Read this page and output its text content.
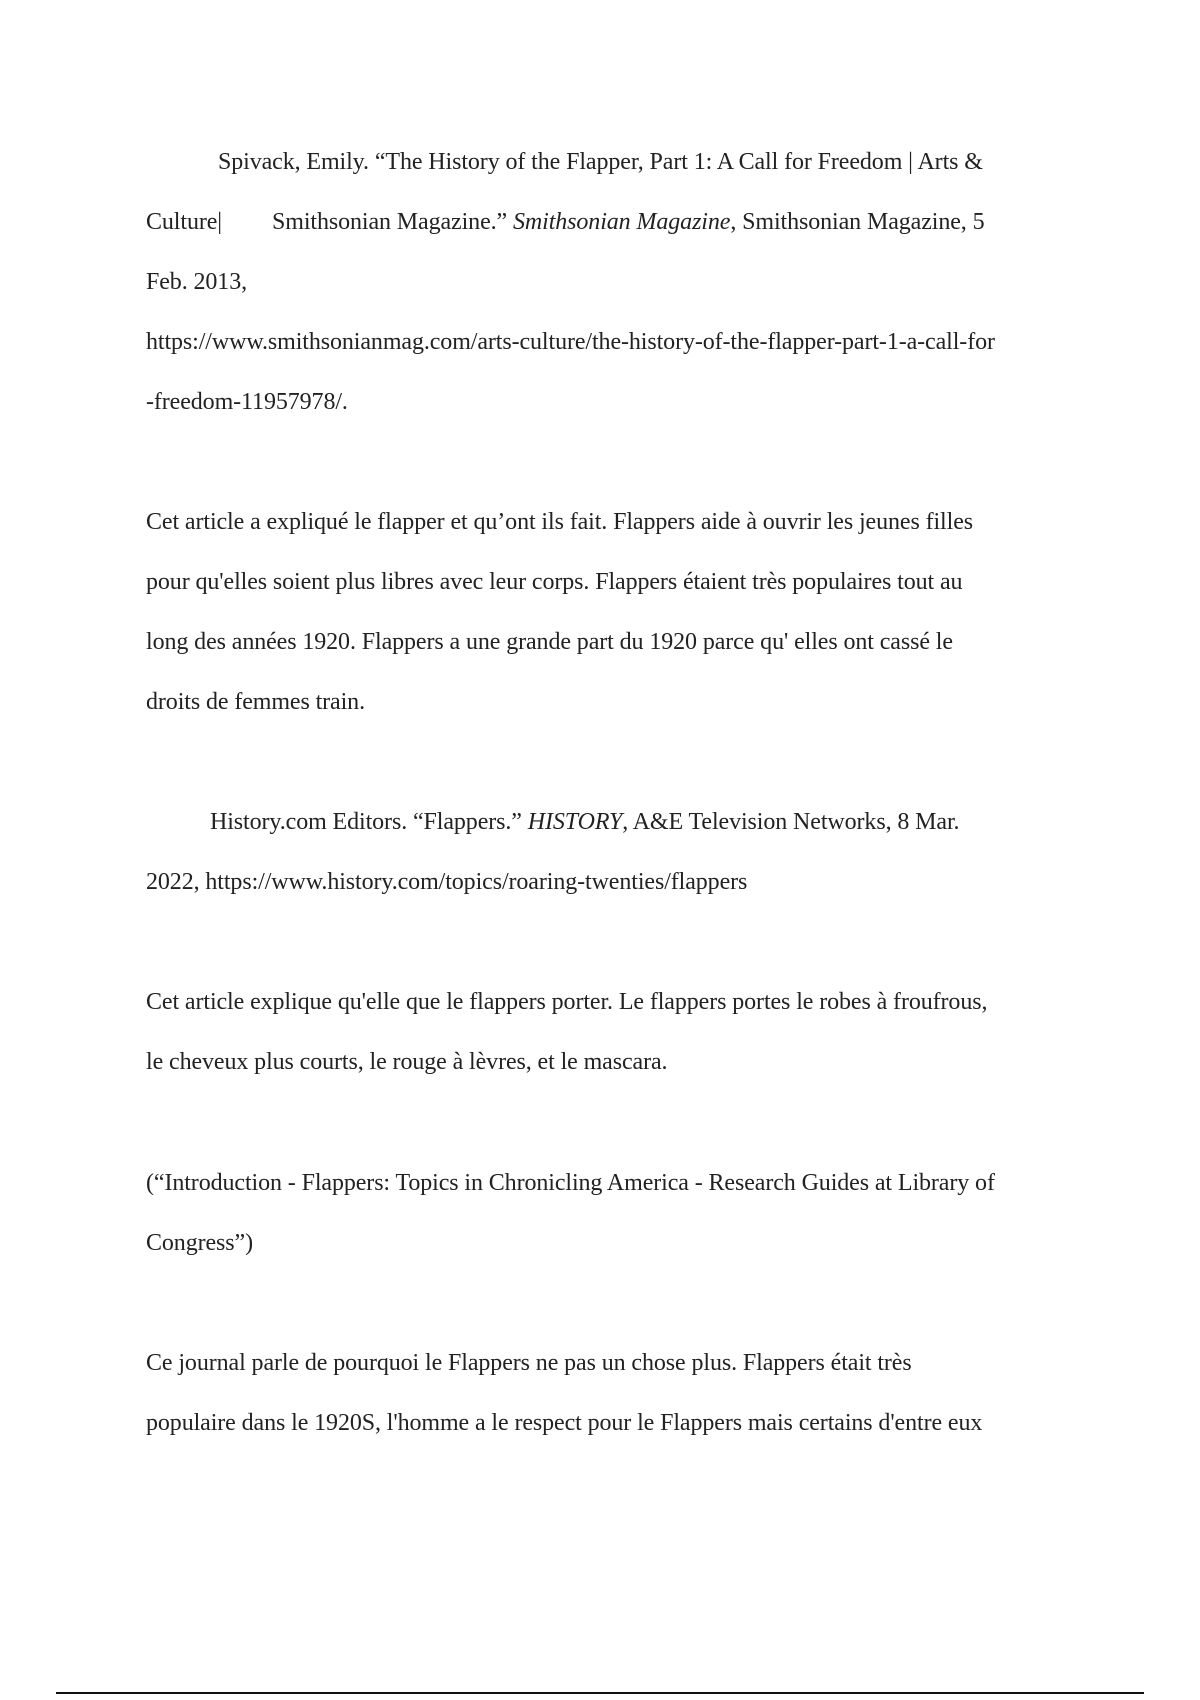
Spivack, Emily. “The History of the Flapper, Part 1: A Call for Freedom | Arts &
Culture| Smithsonian Magazine.” Smithsonian Magazine, Smithsonian Magazine, 5
Feb. 2013,
https://www.smithsonianmag.com/arts-culture/the-history-of-the-flapper-part-1-a-call-for
-freedom-11957978/.
Cet article a expliqué le flapper et qu’ont ils fait. Flappers aide à ouvrir les jeunes filles
pour qu'elles soient plus libres avec leur corps. Flappers étaient très populaires tout au
long des années 1920. Flappers a une grande part du 1920 parce qu' elles ont cassé le
droits de femmes train.
History.com Editors. “Flappers.” HISTORY, A&E Television Networks, 8 Mar.
2022, https://www.history.com/topics/roaring-twenties/flappers
Cet article explique qu'elle que le flappers porter. Le flappers portes le robes à froufrous,
le cheveux plus courts, le rouge à lèvres, et le mascara.
(“Introduction - Flappers: Topics in Chronicling America - Research Guides at Library of
Congress”)
Ce journal parle de pourquoi le Flappers ne pas un chose plus. Flappers était très
populaire dans le 1920S, l'homme a le respect pour le Flappers mais certains d'entre eux
